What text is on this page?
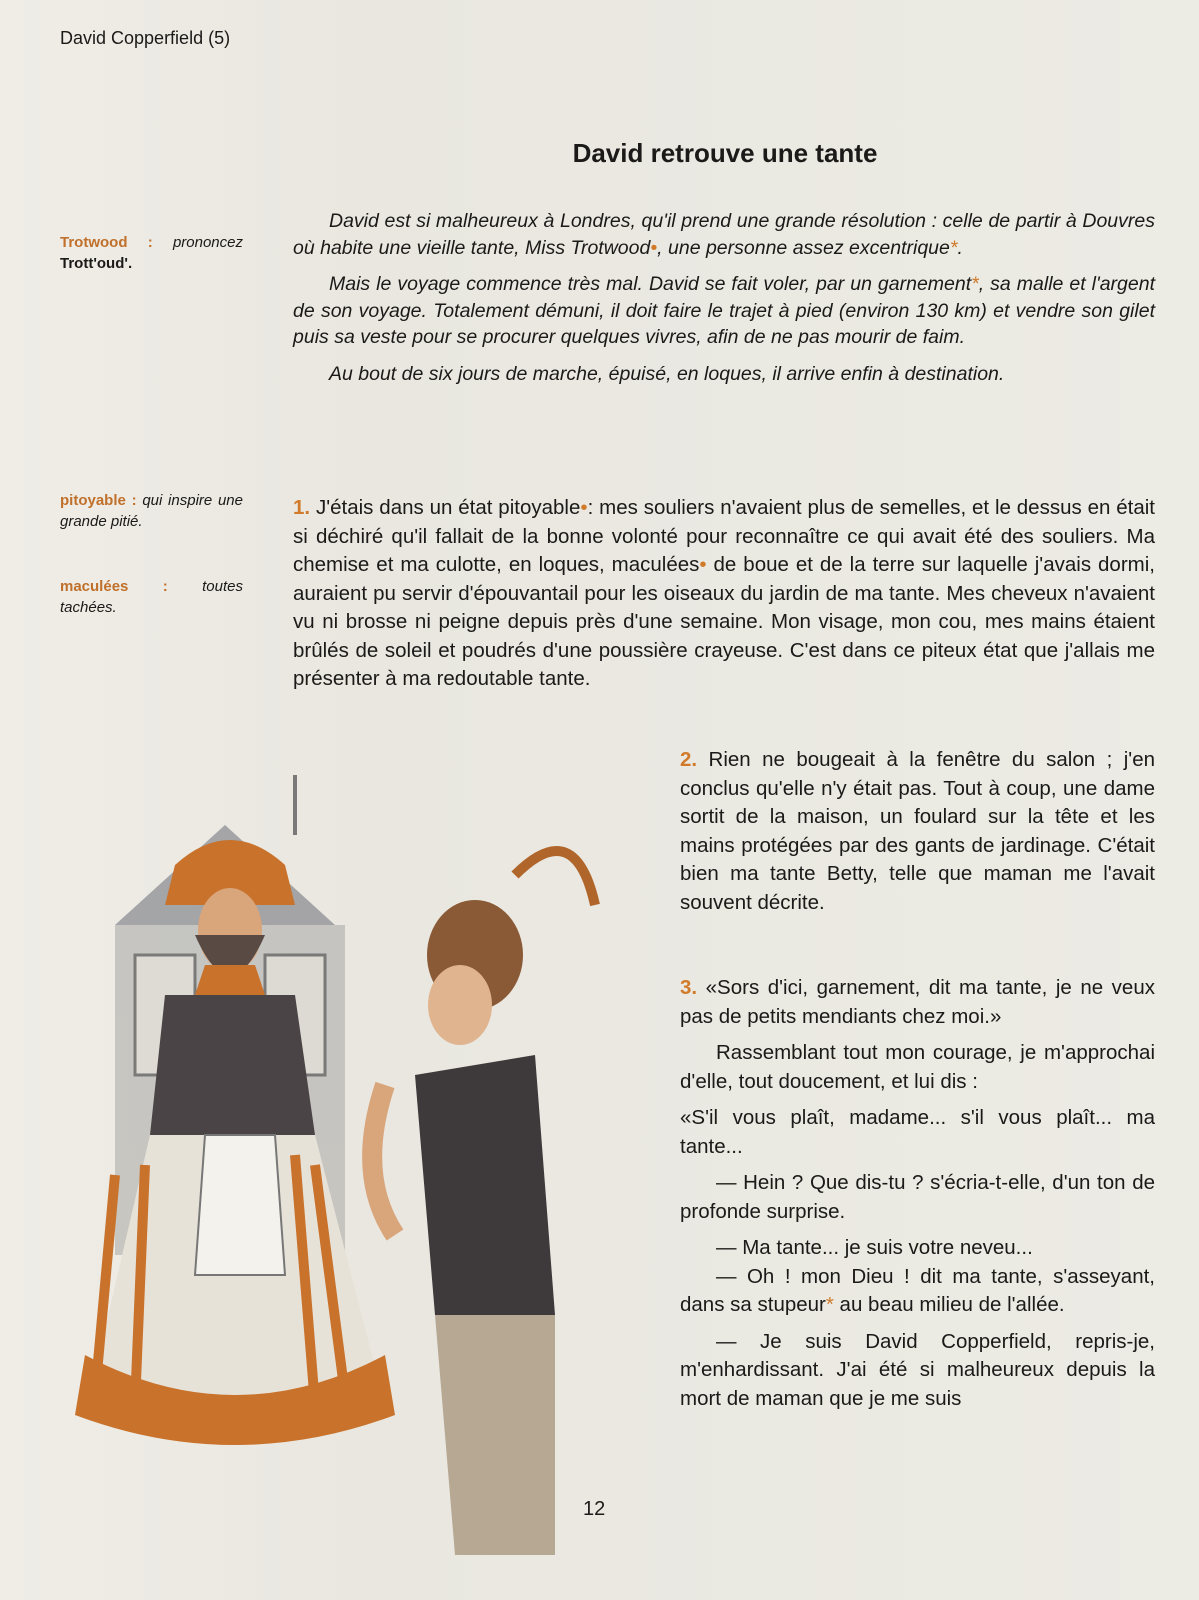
David Copperfield (5)
David retrouve une tante

David est si malheureux à Londres, qu'il prend une grande résolution : celle de partir à Douvres où habite une vieille tante, Miss Trotwood•, une personne assez excentrique*.

Mais le voyage commence très mal. David se fait voler, par un garnement*, sa malle et l'argent de son voyage. Totalement démuni, il doit faire le trajet à pied (environ 130 km) et vendre son gilet puis sa veste pour se procurer quelques vivres, afin de ne pas mourir de faim.

Au bout de six jours de marche, épuisé, en loques, il arrive enfin à destination.

Trotwood : prononcez Trott'oud'.
pitoyable : qui inspire une grande pitié.
maculées : toutes tachées.

1. J'étais dans un état pitoyable•: mes souliers n'avaient plus de semelles, et le dessus en était si déchiré qu'il fallait de la bonne volonté pour reconnaître ce qui avait été des souliers. Ma chemise et ma culotte, en loques, maculées• de boue et de la terre sur laquelle j'avais dormi, auraient pu servir d'épouvantail pour les oiseaux du jardin de ma tante. Mes cheveux n'avaient vu ni brosse ni peigne depuis près d'une semaine. Mon visage, mon cou, mes mains étaient brûlés de soleil et poudrés d'une poussière crayeuse. C'est dans ce piteux état que j'allais me présenter à ma redoutable tante.

2. Rien ne bougeait à la fenêtre du salon ; j'en conclus qu'elle n'y était pas. Tout à coup, une dame sortit de la maison, un foulard sur la tête et les mains protégées par des gants de jardinage. C'était bien ma tante Betty, telle que maman me l'avait souvent décrite.

3. «Sors d'ici, garnement, dit ma tante, je ne veux pas de petits mendiants chez moi.»

Rassemblant tout mon courage, je m'approchai d'elle, tout doucement, et lui dis :

«S'il vous plaît, madame... s'il vous plaît... ma tante...

— Hein ? Que dis-tu ? s'écria-t-elle, d'un ton de profonde surprise.

— Ma tante... je suis votre neveu...

— Oh ! mon Dieu ! dit ma tante, s'asseyant, dans sa stupeur* au beau milieu de l'allée.

— Je suis David Copperfield, repris-je, m'enhardissant. J'ai été si malheureux depuis la mort de maman que je me suis

12
